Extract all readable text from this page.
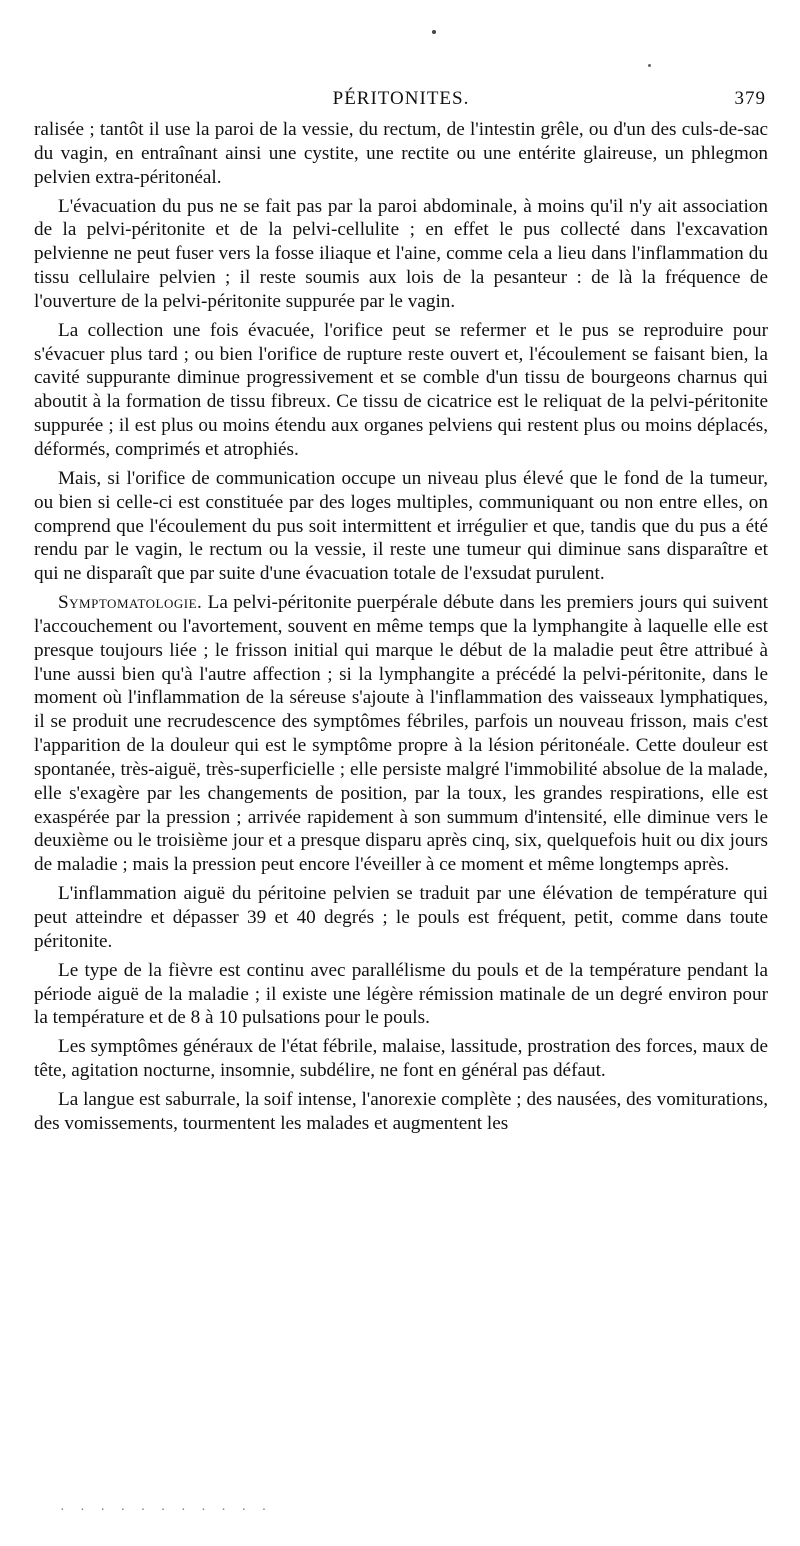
PÉRITONITES.	379

ralisée ; tantôt il use la paroi de la vessie, du rectum, de l'intestin grêle, ou d'un des culs-de-sac du vagin, en entraînant ainsi une cystite, une rectite ou une entérite glaireuse, un phlegmon pelvien extra-péritonéal.

L'évacuation du pus ne se fait pas par la paroi abdominale, à moins qu'il n'y ait association de la pelvi-péritonite et de la pelvi-cellulite ; en effet le pus collecté dans l'excavation pelvienne ne peut fuser vers la fosse iliaque et l'aine, comme cela a lieu dans l'inflammation du tissu cellulaire pelvien ; il reste soumis aux lois de la pesanteur : de là la fréquence de l'ouverture de la pelvi-péritonite suppurée par le vagin.

La collection une fois évacuée, l'orifice peut se refermer et le pus se reproduire pour s'évacuer plus tard ; ou bien l'orifice de rupture reste ouvert et, l'écoulement se faisant bien, la cavité suppurante diminue progressivement et se comble d'un tissu de bourgeons charnus qui aboutit à la formation de tissu fibreux. Ce tissu de cicatrice est le reliquat de la pelvi-péritonite suppurée ; il est plus ou moins étendu aux organes pelviens qui restent plus ou moins déplacés, déformés, comprimés et atrophiés.

Mais, si l'orifice de communication occupe un niveau plus élevé que le fond de la tumeur, ou bien si celle-ci est constituée par des loges multiples, communiquant ou non entre elles, on comprend que l'écoulement du pus soit intermittent et irrégulier et que, tandis que du pus a été rendu par le vagin, le rectum ou la vessie, il reste une tumeur qui diminue sans disparaître et qui ne disparaît que par suite d'une évacuation totale de l'exsudat purulent.

Symptomatologie. La pelvi-péritonite puerpérale débute dans les premiers jours qui suivent l'accouchement ou l'avortement, souvent en même temps que la lymphangite à laquelle elle est presque toujours liée ; le frisson initial qui marque le début de la maladie peut être attribué à l'une aussi bien qu'à l'autre affection ; si la lymphangite a précédé la pelvi-péritonite, dans le moment où l'inflammation de la séreuse s'ajoute à l'inflammation des vaisseaux lymphatiques, il se produit une recrudescence des symptômes fébriles, parfois un nouveau frisson, mais c'est l'apparition de la douleur qui est le symptôme propre à la lésion péritonéale. Cette douleur est spontanée, très-aiguë, très-superficielle ; elle persiste malgré l'immobilité absolue de la malade, elle s'exagère par les changements de position, par la toux, les grandes respirations, elle est exaspérée par la pression ; arrivée rapidement à son summum d'intensité, elle diminue vers le deuxième ou le troisième jour et a presque disparu après cinq, six, quelquefois huit ou dix jours de maladie ; mais la pression peut encore l'éveiller à ce moment et même longtemps après.

L'inflammation aiguë du péritoine pelvien se traduit par une élévation de température qui peut atteindre et dépasser 39 et 40 degrés ; le pouls est fréquent, petit, comme dans toute péritonite.

Le type de la fièvre est continu avec parallélisme du pouls et de la température pendant la période aiguë de la maladie ; il existe une légère rémission matinale de un degré environ pour la température et de 8 à 10 pulsations pour le pouls.

Les symptômes généraux de l'état fébrile, malaise, lassitude, prostration des forces, maux de tête, agitation nocturne, insomnie, subdélire, ne font en général pas défaut.

La langue est saburrale, la soif intense, l'anorexie complète ; des nausées, des vomiturations, des vomissements, tourmentent les malades et augmentent les

· · · · · · · · · · ·
